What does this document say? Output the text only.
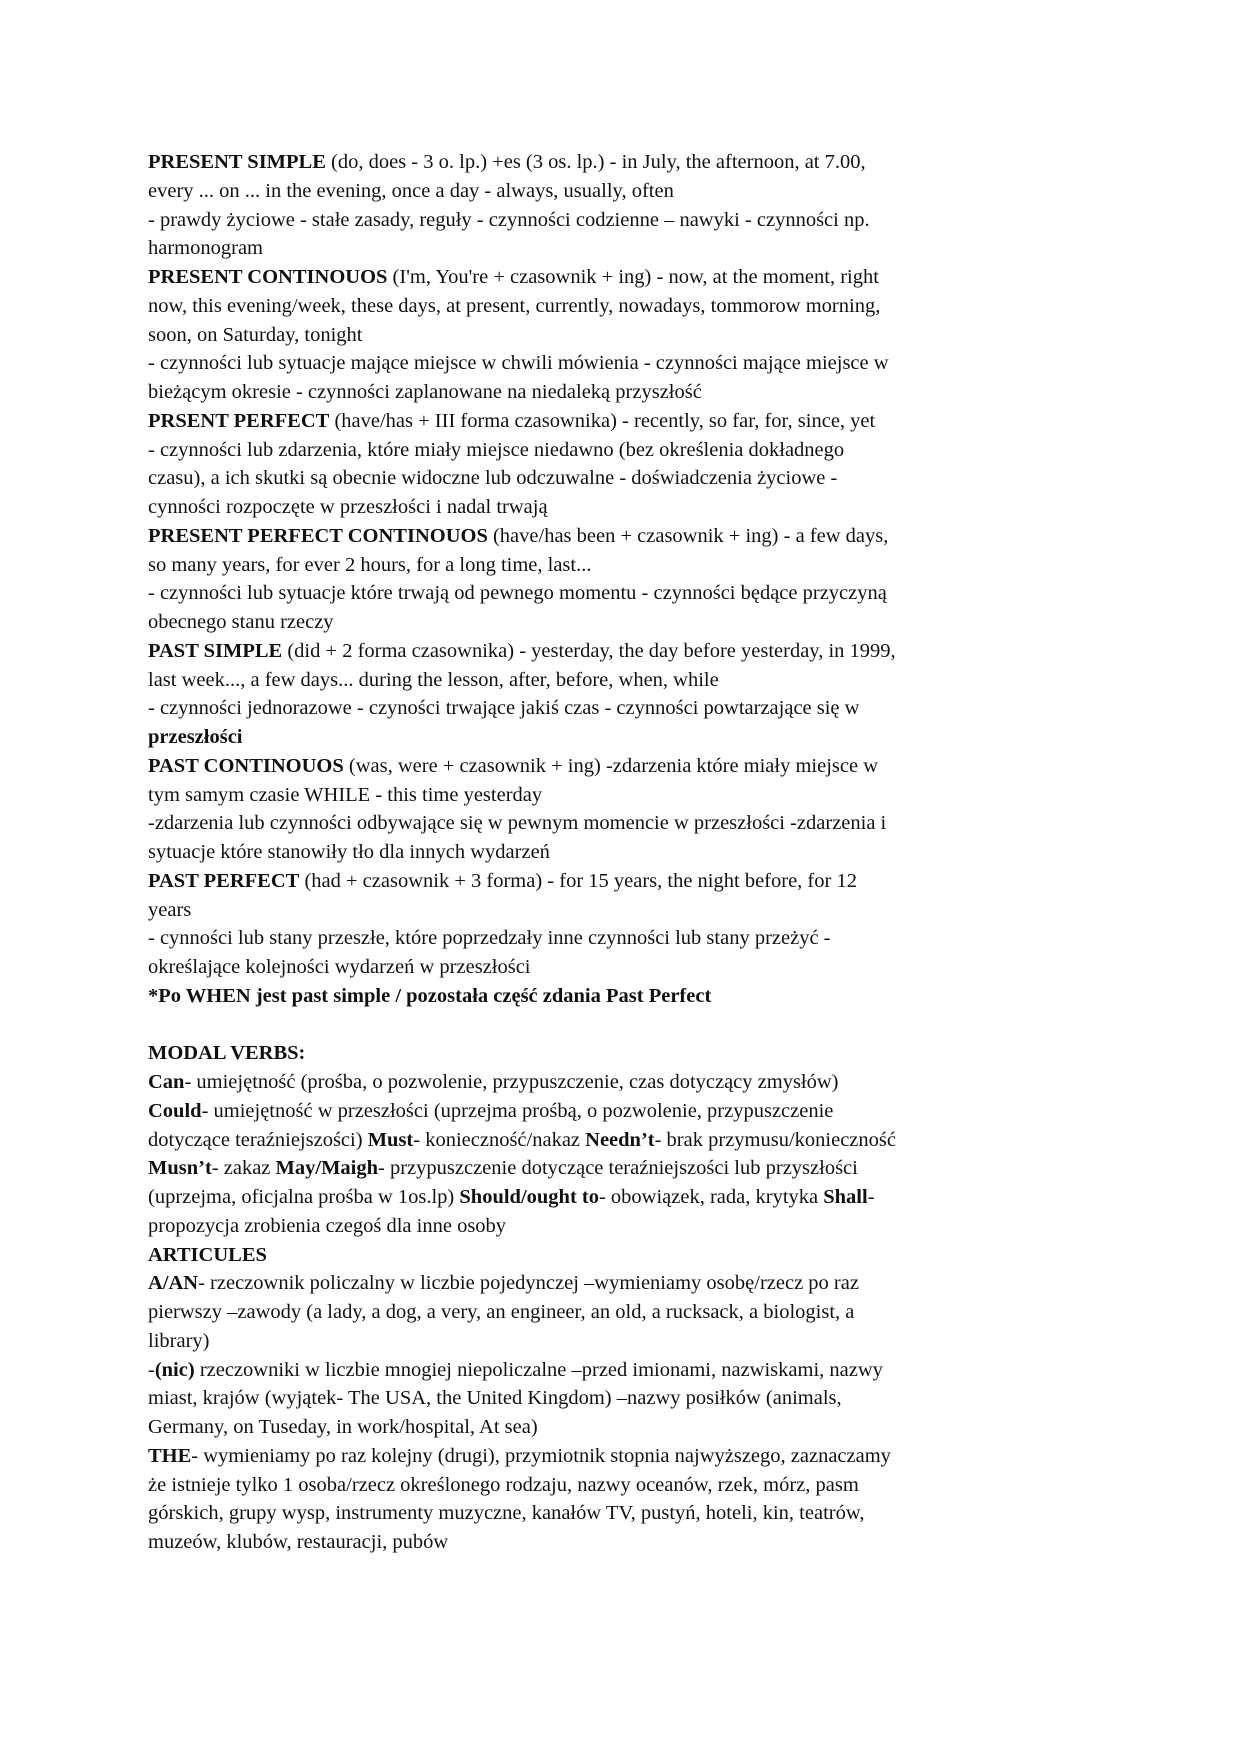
PRESENT SIMPLE (do, does - 3 o. lp.) +es (3 os. lp.) - in July, the afternoon, at 7.00,
every ... on ... in the evening, once a day - always, usually, often
- prawdy życiowe - stałe zasady, reguły - czynności codzienne – nawyki - czynności np.
harmonogram
PRESENT CONTINOUOS (I'm, You're + czasownik + ing) - now, at the moment, right
now, this evening/week, these days, at present, currently, nowadays, tommorow morning,
soon, on Saturday, tonight
- czynności lub sytuacje mające miejsce w chwili mówienia - czynności mające miejsce w
bieżącym okresie - czynności zaplanowane na niedaleką przyszłość
PRSENT PERFECT (have/has + III forma czasownika) - recently, so far, for, since, yet
- czynności lub zdarzenia, które miały miejsce niedawno (bez określenia dokładnego
czasu), a ich skutki są obecnie widoczne lub odczuwalne - doświadczenia życiowe -
cynności rozpoczęte w przeszłości i nadal trwają
PRESENT PERFECT CONTINOUOS (have/has been + czasownik + ing) - a few days,
so many years, for ever 2 hours, for a long time, last...
- czynności lub sytuacje które trwają od pewnego momentu - czynności będące przyczyną
obecnego stanu rzeczy
PAST SIMPLE (did + 2 forma czasownika) - yesterday, the day before yesterday, in 1999,
last week..., a few days... during the lesson, after, before, when, while
- czynności jednorazowe - czyności trwające jakiś czas - czynności powtarzające się w
przeszłości
PAST CONTINOUOS (was, were + czasownik + ing) -zdarzenia które miały miejsce w
tym samym czasie WHILE - this time yesterday
-zdarzenia lub czynności odbywające się w pewnym momencie w przeszłości -zdarzenia i
sytuacje które stanowiły tło dla innych wydarzeń
PAST PERFECT (had + czasownik + 3 forma) - for 15 years, the night before, for 12
years
- cynności lub stany przeszłe, które poprzedzały inne czynności lub stany przeżyć -
określające kolejności wydarzeń w przeszłości
*Po WHEN jest past simple / pozostała część zdania Past Perfect
MODAL VERBS:
Can- umiejętność (prośba, o pozwolenie, przypuszczenie, czas dotyczący zmysłów)
Could- umiejętność w przeszłości (uprzejma prośbą, o pozwolenie, przypuszczenie
dotyczące teraźniejszości) Must- konieczność/nakaz Needn’t- brak przymusu/konieczność
Musn’t- zakaz May/Maigh- przypuszczenie dotyczące teraźniejszości lub przyszłości
(uprzejma, oficjalna prośba w 1os.lp) Should/ought to- obowiązek, rada, krytyka Shall-
propozycja zrobienia czegoś dla inne osoby
ARTICULES
A/AN- rzeczownik policzalny w liczbie pojedynczej –wymieniamy osobę/rzecz po raz
pierwszy –zawody (a lady, a dog, a very, an engineer, an old, a rucksack, a biologist, a
library)
-(nic) rzeczowniki w liczbie mnogiej niepoliczalne –przed imionami, nazwiskami, nazwy
miast, krajów (wyjątek- The USA, the United Kingdom) –nazwy posiłków (animals,
Germany, on Tuseday, in work/hospital, At sea)
THE- wymieniamy po raz kolejny (drugi), przymiotnik stopnia najwyższego, zaznaczamy
że istnieje tylko 1 osoba/rzecz określonego rodzaju, nazwy oceanów, rzek, mórz, pasm
górskich, grupy wysp, instrumenty muzyczne, kanałów TV, pustyń, hoteli, kin, teatrów,
muzeów, klubów, restauracji, pubów
